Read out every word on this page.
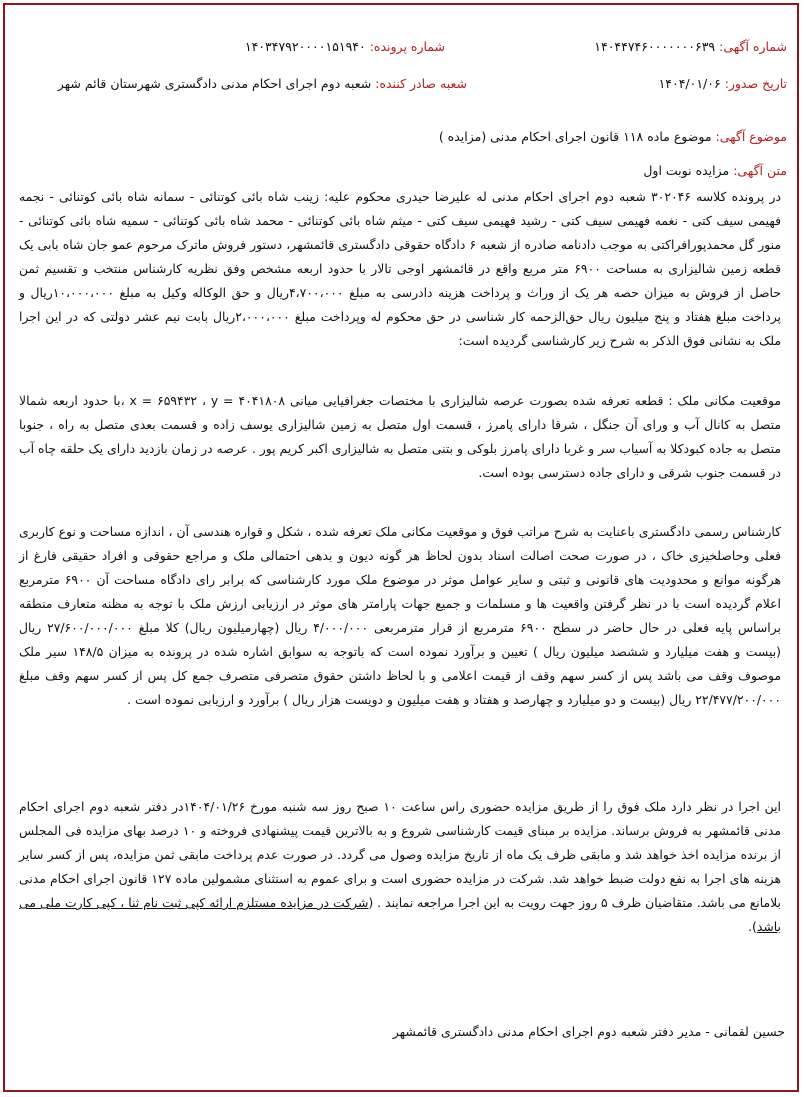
شماره آگهی: ۱۴۰۴۴۷۴۶۰۰۰۰۰۰۰۶۳۹
شماره پرونده: ۱۴۰۳۴۷۹۲۰۰۰۰۱۵۱۹۴۰
تاریخ صدور: ۱۴۰۴/۰۱/۰۶
شعبه صادر کننده: شعبه دوم اجرای احکام مدنی دادگستری شهرستان قائم شهر
موضوع آگهی: موضوع ماده ۱۱۸ قانون اجرای احکام مدنی (مزایده )
متن آگهی: مزایده نوبت اول

در پرونده کلاسه ۳۰۲۰۴۶ شعبه دوم اجرای احکام مدنی له علیرضا حیدری محکوم علیه: زینب شاه بائی کوتنائی - سمانه شاه بائی کوتنائی - نجمه فهیمی سیف کتی - نغمه فهیمی سیف کتی - رشید فهیمی سیف کتی - میثم شاه بائی کوتنائی - محمد شاه بائی کوتنائی - سمیه شاه بائی کوتنائی - منور گل محمدپورافراکتی به موجب دادنامه صادره از شعبه ۶ دادگاه حقوقی دادگستری قائمشهر، دستور فروش ماترک مرحوم عمو جان شاه بابی یک قطعه زمین شالیزاری به مساحت ۶۹۰۰ متر مربع واقع در قائمشهر اوجی تالار با حدود اربعه مشخص وفق نظریه کارشناس منتخب و تقسیم ثمن حاصل از فروش به میزان حصه هر یک از وراث و پرداخت هزینه دادرسی به مبلغ ۴،۷۰۰،۰۰۰ریال و حق الوکاله وکیل به مبلغ ۱۰،۰۰۰،۰۰۰ریال و پرداخت مبلغ هفتاد و پنج میلیون ریال حق‌الزحمه کار شناسی در حق محکوم له وپرداخت مبلغ ۲،۰۰۰،۰۰۰ریال بابت نیم عشر دولتی که در این اجرا ملک به نشانی فوق الذکر به شرح زیر کارشناسی گردیده است:

موقعیت مکانی ملک : قطعه تعرفه شده بصورت عرصه شالیزاری با مختصات جغرافیایی میانی x = ۶۵۹۴۳۲ ، y = ۴۰۴۱۸۰۸ ،با حدود اربعه شمالا متصل به کانال آب و ورای آن جنگل ، شرقا دارای پامرز ، قسمت اول متصل به زمین شالیزاری یوسف زاده و قسمت بعدی متصل به راه ، جنوبا متصل به جاده کبودکلا به آسیاب سر و غربا دارای پامرز بلوکی و بتنی متصل به شالیزاری اکبر کریم پور . عرصه در زمان بازدید دارای یک حلقه چاه آب در قسمت جنوب شرقی و دارای جاده دسترسی بوده است.

کارشناس رسمی دادگستری باعنایت به شرح مراتب فوق و موقعیت مکانی ملک تعرفه شده ، شکل و قواره هندسی آن ، اندازه مساحت و نوع کاربری فعلی وحاصلخیزی خاک ، در صورت صحت اصالت اسناد بدون لحاظ هر گونه دیون و بدهی احتمالی ملک و مراجع حقوقی و افراد حقیقی فارغ از هرگونه موانع و محدودیت های قانونی و ثبتی و سایر عوامل موثر در موضوع ملک مورد کارشناسی که برابر رای دادگاه مساحت آن ۶۹۰۰ مترمربع اعلام گردیده است با در نظر گرفتن واقعیت ها و مسلمات و جمیع جهات پارامتر های موثر در ارزیابی ارزش ملک با توجه به مظنه متعارف منطقه براساس پایه فعلی در حال حاضر در سطح ۶۹۰۰ مترمربع از قرار مترمربعی ۴/۰۰۰/۰۰۰ ریال (چهارمیلیون ریال) کلا مبلغ ۲۷/۶۰۰/۰۰۰/۰۰۰ ریال (بیست و هفت میلیارد و ششصد میلیون ریال ) تعیین و برآورد نموده است که باتوجه به سوابق اشاره شده در پرونده به میزان ۱۴۸/۵ سیر ملک موصوف وقف می باشد پس از کسر سهم وقف از قیمت اعلامی و با لحاظ داشتن حقوق متصرفی متصرف جمع کل پس از کسر سهم وقف مبلغ ۲۲/۴۷۷/۲۰۰/۰۰۰ ریال (بیست و دو میلیارد و چهارصد و هفتاد و هفت میلیون و دویست هزار ریال ) برآورد و ارزیابی نموده است .

این اجرا در نظر دارد ملک فوق را از طریق مزایده حضوری راس ساعت ۱۰ صبح روز سه شنبه مورخ ۱۴۰۴/۰۱/۲۶در دفتر شعبه دوم اجرای احکام مدنی قائمشهر به فروش برساند. مزایده بر مبنای قیمت کارشناسی شروع و به بالاترین قیمت پیشنهادی فروخته و ۱۰ درصد بهای مزایده فی المجلس از برنده مزایده اخذ خواهد شد و مابقی ظرف یک ماه از تاریخ مزایده وصول می گردد. در صورت عدم پرداخت مابقی ثمن مزایده، پس از کسر سایر هزینه های اجرا به نفع دولت ضبط خواهد شد. شرکت در مزایده حضوری است و برای عموم به استثنای مشمولین ماده ۱۲۷ قانون اجرای احکام مدنی بلامانع می باشد. متقاضیان ظرف ۵ روز جهت رویت به این اجرا مراجعه نمایند . (شرکت در مزایده مستلزم ارائه کپی ثبت نام ثنا ، کپی کارت ملی می باشد).
حسین لقمانی - مدیر دفتر شعبه دوم اجرای احکام مدنی دادگستری قائمشهر
